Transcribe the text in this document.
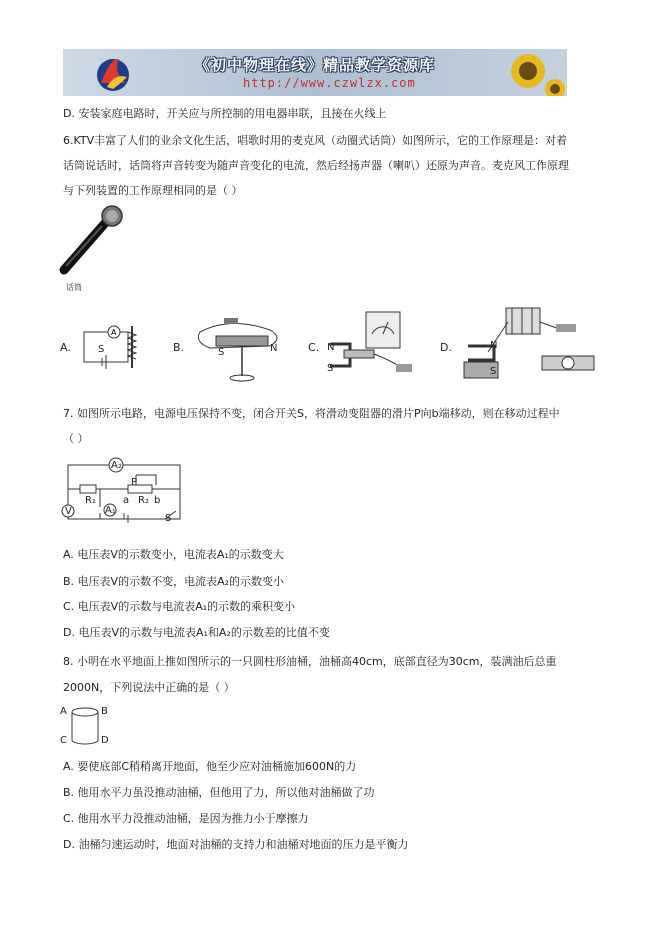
《初中物理在线》精品教学资源库
http://www.czwlzx.com
D. 安装家庭电路时，开关应与所控制的用电器串联，且接在火线上
6.KTV丰富了人们的业余文化生活，唱歌时用的麦克风（动圈式话筒）如图所示，它的工作原理是：对着
话筒说话时，话筒将声音转变为随声音变化的电流，然后经扬声器（喇叭）还原为声音。麦克风工作原理
与下列装置的工作原理相同的是（ ）
话筒
A.
A
S	B.	S	N	C. N
S
D.	N
S
7. 如图所示电路，电源电压保持不变，闭合开关S，将滑动变阻器的滑片P向b端移动，则在移动过程中
（ ）
A₂
V	A₁
R₁	R₂
P
a b
S
A. 电压表V的示数变小，电流表A₁的示数变大
B. 电压表V的示数不变，电流表A₂的示数变小
C. 电压表V的示数与电流表A₁的示数的乘积变小
D. 电压表V的示数与电流表A₁和A₂的示数差的比值不变
8. 小明在水平地面上推如图所示的一只圆柱形油桶，油桶高40cm，底部直径为30cm，装满油后总重
2000N，下列说法中正确的是（ ）
A	B
C	D
A. 要使底部C稍稍离开地面，他至少应对油桶施加600N的力
B. 他用水平力虽没推动油桶，但他用了力，所以他对油桶做了功
C. 他用水平力没推动油桶，是因为推力小于摩擦力
D. 油桶匀速运动时，地面对油桶的支持力和油桶对地面的压力是平衡力
